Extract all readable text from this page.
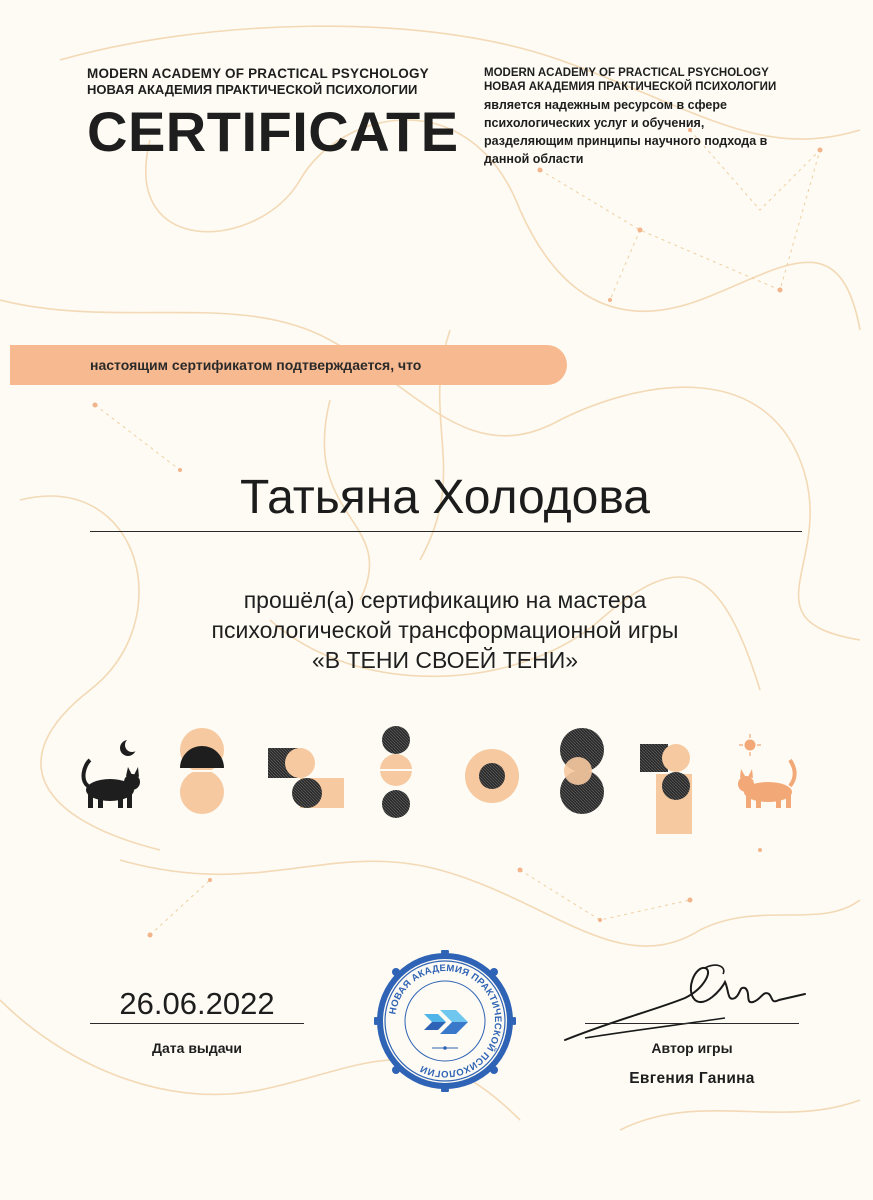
MODERN ACADEMY OF PRACTICAL PSYCHOLOGY
НОВАЯ АКАДЕМИЯ ПРАКТИЧЕСКОЙ ПСИХОЛОГИИ
CERTIFICATE
MODERN ACADEMY OF PRACTICAL PSYCHOLOGY
НОВАЯ АКАДЕМИЯ ПРАКТИЧЕСКОЙ ПСИХОЛОГИИ
является надежным ресурсом в сфере психологических услуг и обучения, разделяющим принципы научного подхода в данной области
настоящим сертификатом подтверждается, что
Татьяна Холодова
прошёл(а) сертификацию на мастера
психологической трансформационной игры
«В ТЕНИ СВОЕЙ ТЕНИ»
26.06.2022
Дата выдачи
НОВАЯ АКАДЕМИЯ ПРАКТИЧЕСКОЙ ПСИХОЛОГИИ
Автор игры
Евгения Ганина
